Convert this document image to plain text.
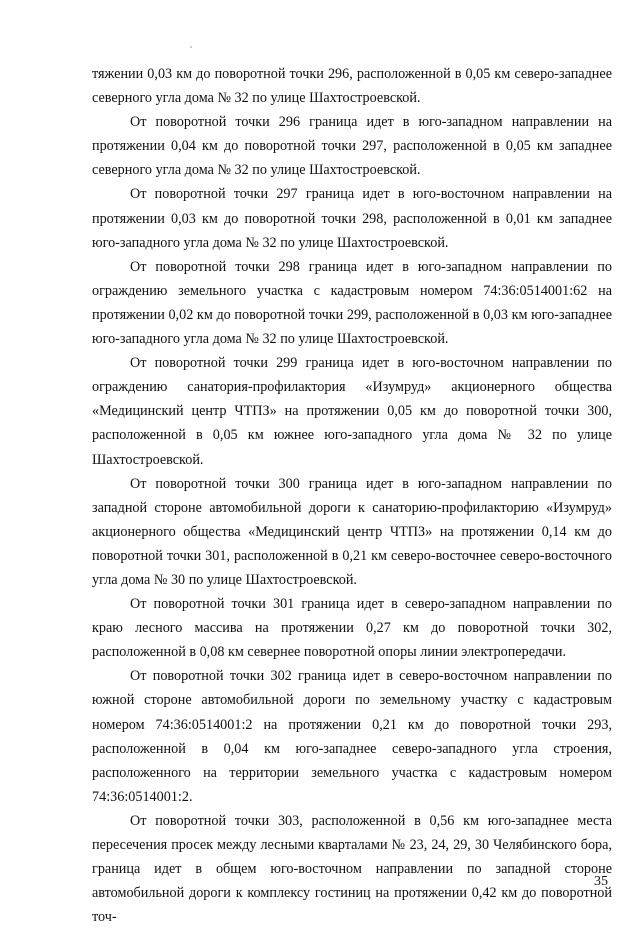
тяжении 0,03 км до поворотной точки 296, расположенной в 0,05 км северо-западнее северного угла дома № 32 по улице Шахтостроевской.

От поворотной точки 296 граница идет в юго-западном направлении на протяжении 0,04 км до поворотной точки 297, расположенной в 0,05 км западнее северного угла дома № 32 по улице Шахтостроевской.

От поворотной точки 297 граница идет в юго-восточном направлении на протяжении 0,03 км до поворотной точки 298, расположенной в 0,01 км западнее юго-западного угла дома № 32 по улице Шахтостроевской.

От поворотной точки 298 граница идет в юго-западном направлении по ограждению земельного участка с кадастровым номером 74:36:0514001:62 на протяжении 0,02 км до поворотной точки 299, расположенной в 0,03 км юго-западнее юго-западного угла дома № 32 по улице Шахтостроевской.

От поворотной точки 299 граница идет в юго-восточном направлении по ограждению санатория-профилактория «Изумруд» акционерного общества «Медицинский центр ЧТПЗ» на протяжении 0,05 км до поворотной точки 300, расположенной в 0,05 км южнее юго-западного угла дома № 32 по улице Шахтостроевской.

От поворотной точки 300 граница идет в юго-западном направлении по западной стороне автомобильной дороги к санаторию-профилакторию «Изумруд» акционерного общества «Медицинский центр ЧТПЗ» на протяжении 0,14 км до поворотной точки 301, расположенной в 0,21 км северо-восточнее северо-восточного угла дома № 30 по улице Шахтостроевской.

От поворотной точки 301 граница идет в северо-западном направлении по краю лесного массива на протяжении 0,27 км до поворотной точки 302, расположенной в 0,08 км севернее поворотной опоры линии электропередачи.

От поворотной точки 302 граница идет в северо-восточном направлении по южной стороне автомобильной дороги по земельному участку с кадастровым номером 74:36:0514001:2 на протяжении 0,21 км до поворотной точки 293, расположенной в 0,04 км юго-западнее северо-западного угла строения, расположенного на территории земельного участка с кадастровым номером 74:36:0514001:2.

От поворотной точки 303, расположенной в 0,56 км юго-западнее места пересечения просек между лесными кварталами № 23, 24, 29, 30 Челябинского бора, граница идет в общем юго-восточном направлении по западной стороне автомобильной дороги к комплексу гостиниц на протяжении 0,42 км до поворотной точ-

35
